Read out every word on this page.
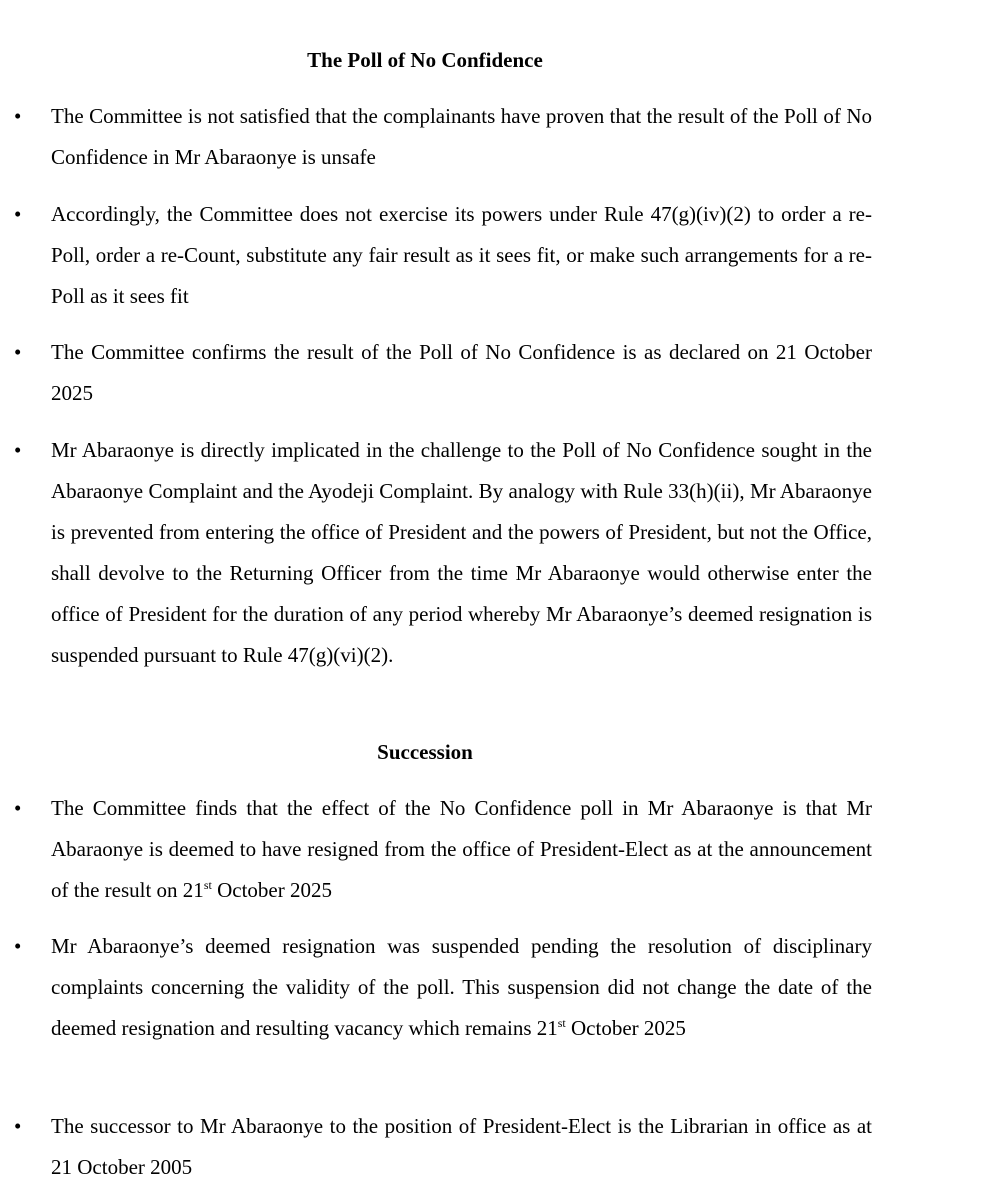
The Poll of No Confidence
•	The Committee is not satisfied that the complainants have proven that the result of the Poll of No Confidence in Mr Abaraonye is unsafe

•	Accordingly, the Committee does not exercise its powers under Rule 47(g)(iv)(2) to order a re-Poll, order a re-Count, substitute any fair result as it sees fit, or make such arrangements for a re-Poll as it sees fit

•	The Committee confirms the result of the Poll of No Confidence is as declared on 21 October 2025

•	Mr Abaraonye is directly implicated in the challenge to the Poll of No Confidence sought in the Abaraonye Complaint and the Ayodeji Complaint. By analogy with Rule 33(h)(ii), Mr Abaraonye is prevented from entering the office of President and the powers of President, but not the Office, shall devolve to the Returning Officer from the time Mr Abaraonye would otherwise enter the office of President for the duration of any period whereby Mr Abaraonye’s deemed resignation is suspended pursuant to Rule 47(g)(vi)(2).

Succession
•	The Committee finds that the effect of the No Confidence poll in Mr Abaraonye is that Mr Abaraonye is deemed to have resigned from the office of President-Elect as at the announcement of the result on 21st October 2025

•	Mr Abaraonye’s deemed resignation was suspended pending the resolution of disciplinary complaints concerning the validity of the poll. This suspension did not change the date of the deemed resignation and resulting vacancy which remains 21st October 2025

•	The successor to Mr Abaraonye to the position of President-Elect is the Librarian in office as at 21 October 2005
